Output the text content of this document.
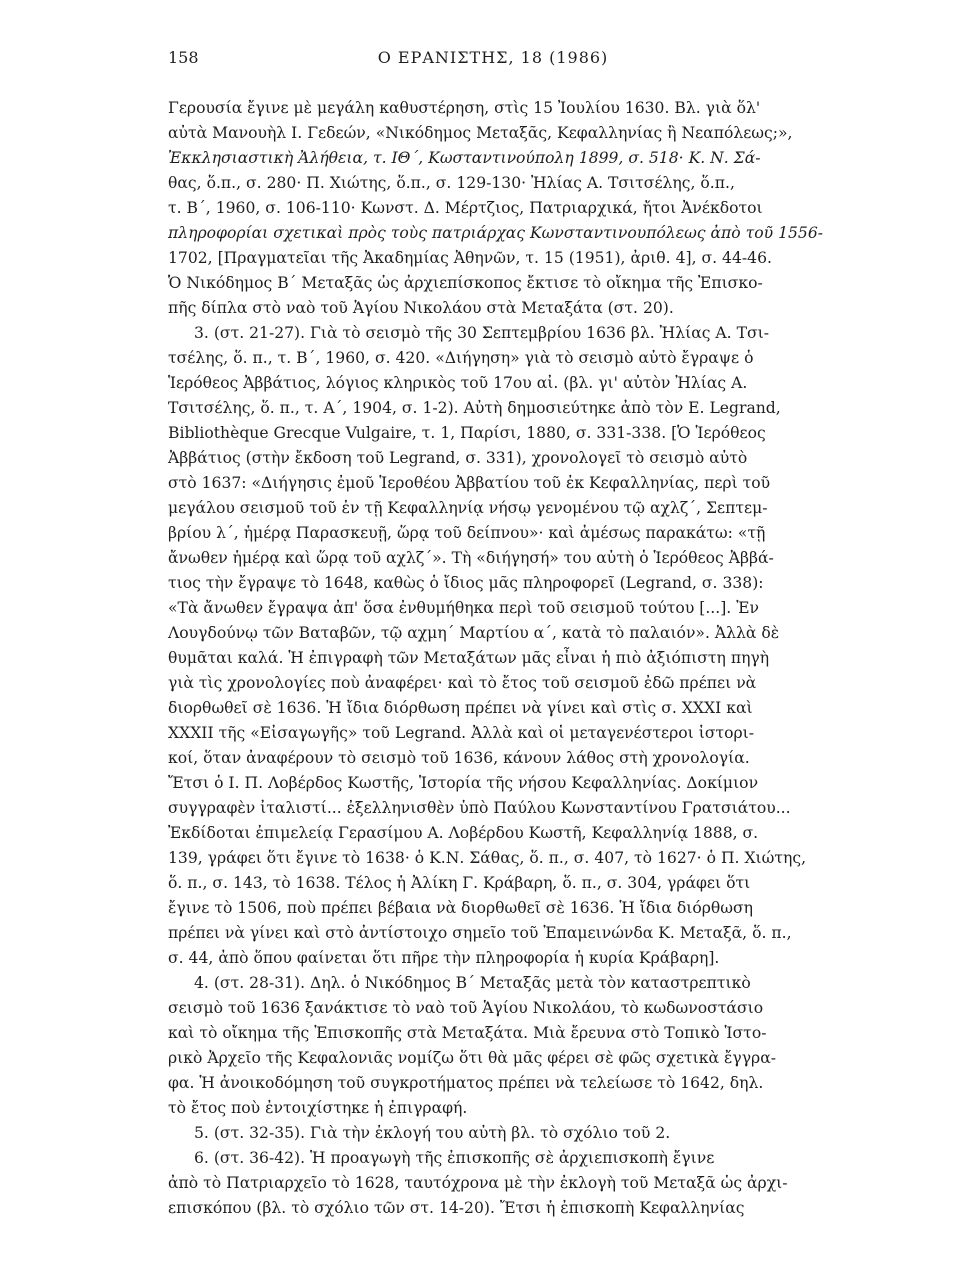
158	Ο ΕΡΑΝΙΣΤΗΣ, 18 (1986)
Γερουσία ἔγινε μὲ μεγάλη καθυστέρηση, στὶς 15 Ἰουλίου 1630. Βλ. γιὰ ὅλ'
αὐτὰ Μανουὴλ Ι. Γεδεών, «Νικόδημος Μεταξᾶς, Κεφαλληνίας ἢ Νεαπόλεως;»,
Ἐκκλησιαστικὴ Ἀλήθεια, τ. ΙΘ΄, Κωσταντινούπολη 1899, σ. 518· Κ. Ν. Σά-
θας, ὅ.π., σ. 280· Π. Χιώτης, ὅ.π., σ. 129-130· Ἠλίας Α. Τσιτσέλης, ὅ.π.,
τ. Β΄, 1960, σ. 106-110· Κωνστ. Δ. Μέρτζιος, Πατριαρχικά, ἤτοι Ἀνέκδοτοι
πληροφορίαι σχετικαὶ πρὸς τοὺς πατριάρχας Κωνσταντινουπόλεως ἀπὸ τοῦ 1556-
1702, [Πραγματεῖαι τῆς Ἀκαδημίας Ἀθηνῶν, τ. 15 (1951), ἀριθ. 4], σ. 44-46.
Ὁ Νικόδημος Β΄ Μεταξᾶς ὡς ἀρχιεπίσκοπος ἔκτισε τὸ οἴκημα τῆς Ἐπισκο-
πῆς δίπλα στὸ ναὸ τοῦ Ἁγίου Νικολάου στὰ Μεταξάτα (στ. 20).
3. (στ. 21-27). Γιὰ τὸ σεισμὸ τῆς 30 Σεπτεμβρίου 1636 βλ. Ἠλίας Α. Τσι-
τσέλης, ὅ. π., τ. Β΄, 1960, σ. 420. «Διήγηση» γιὰ τὸ σεισμὸ αὐτὸ ἔγραψε ὁ
Ἱερόθεος Ἀββάτιος, λόγιος κληρικὸς τοῦ 17ου αἰ. (βλ. γι' αὐτὸν Ἠλίας Α.
Τσιτσέλης, ὅ. π., τ. Α΄, 1904, σ. 1-2). Αὐτὴ δημοσιεύτηκε ἀπὸ τὸν E. Legrand,
Bibliothèque Grecque Vulgaire, τ. 1, Παρίσι, 1880, σ. 331-338. [Ὁ Ἱερόθεος
Ἀββάτιος (στὴν ἔκδοση τοῦ Legrand, σ. 331), χρονολογεῖ τὸ σεισμὸ αὐτὸ
στὸ 1637: «Διήγησις ἐμοῦ Ἱεροθέου Ἀββατίου τοῦ ἐκ Κεφαλληνίας, περὶ τοῦ
μεγάλου σεισμοῦ τοῦ ἐν τῇ Κεφαλληνίᾳ νήσῳ γενομένου τῷ αχλζ΄, Σεπτεμ-
βρίου λ΄, ἡμέρᾳ Παρασκευῇ, ὥρᾳ τοῦ δείπνου»· καὶ ἀμέσως παρακάτω: «τῇ
ἄνωθεν ἡμέρᾳ καὶ ὥρᾳ τοῦ αχλζ΄». Τὴ «διήγησή» του αὐτὴ ὁ Ἱερόθεος Ἀββά-
τιος τὴν ἔγραψε τὸ 1648, καθὼς ὁ ἴδιος μᾶς πληροφορεῖ (Legrand, σ. 338):
«Τὰ ἄνωθεν ἔγραψα ἀπ' ὅσα ἐνθυμήθηκα περὶ τοῦ σεισμοῦ τούτου [...]. Ἐν
Λουγδούνῳ τῶν Βαταβῶν, τῷ αχμη΄ Μαρτίου α΄, κατὰ τὸ παλαιόν». Ἀλλὰ δὲ
θυμᾶται καλά. Ἡ ἐπιγραφὴ τῶν Μεταξάτων μᾶς εἶναι ἡ πιὸ ἀξιόπιστη πηγὴ
γιὰ τὶς χρονολογίες ποὺ ἀναφέρει· καὶ τὸ ἔτος τοῦ σεισμοῦ ἐδῶ πρέπει νὰ
διορθωθεῖ σὲ 1636. Ἡ ἴδια διόρθωση πρέπει νὰ γίνει καὶ στὶς σ. XXXI καὶ
XXXII τῆς «Εἰσαγωγῆς» τοῦ Legrand. Ἀλλὰ καὶ οἱ μεταγενέστεροι ἱστορι-
κοί, ὅταν ἀναφέρουν τὸ σεισμὸ τοῦ 1636, κάνουν λάθος στὴ χρονολογία.
Ἔτσι ὁ Ι. Π. Λοβέρδος Κωστῆς, Ἱστορία τῆς νήσου Κεφαλληνίας. Δοκίμιον
συγγραφὲν ἰταλιστί... ἐξελληνισθὲν ὑπὸ Παύλου Κωνσταντίνου Γρατσιάτου...
Ἐκδίδοται ἐπιμελείᾳ Γερασίμου Α. Λοβέρδου Κωστῆ, Κεφαλληνίᾳ 1888, σ.
139, γράφει ὅτι ἔγινε τὸ 1638· ὁ Κ.Ν. Σάθας, ὅ. π., σ. 407, τὸ 1627· ὁ Π. Χιώτης,
ὅ. π., σ. 143, τὸ 1638. Τέλος ἡ Ἀλίκη Γ. Κράβαρη, ὅ. π., σ. 304, γράφει ὅτι
ἔγινε τὸ 1506, ποὺ πρέπει βέβαια νὰ διορθωθεῖ σὲ 1636. Ἡ ἴδια διόρθωση
πρέπει νὰ γίνει καὶ στὸ ἀντίστοιχο σημεῖο τοῦ Ἐπαμεινώνδα Κ. Μεταξᾶ, ὅ. π.,
σ. 44, ἀπὸ ὅπου φαίνεται ὅτι πῆρε τὴν πληροφορία ἡ κυρία Κράβαρη].
4. (στ. 28-31). Δηλ. ὁ Νικόδημος Β΄ Μεταξᾶς μετὰ τὸν καταστρεπτικὸ
σεισμὸ τοῦ 1636 ξανάκτισε τὸ ναὸ τοῦ Ἁγίου Νικολάου, τὸ κωδωνοστάσιο
καὶ τὸ οἴκημα τῆς Ἐπισκοπῆς στὰ Μεταξάτα. Μιὰ ἔρευνα στὸ Τοπικὸ Ἱστο-
ρικὸ Ἀρχεῖο τῆς Κεφαλονιᾶς νομίζω ὅτι θὰ μᾶς φέρει σὲ φῶς σχετικὰ ἔγγρα-
φα. Ἡ ἀνοικοδόμηση τοῦ συγκροτήματος πρέπει νὰ τελείωσε τὸ 1642, δηλ.
τὸ ἔτος ποὺ ἐντοιχίστηκε ἡ ἐπιγραφή.
5. (στ. 32-35). Γιὰ τὴν ἐκλογή του αὐτὴ βλ. τὸ σχόλιο τοῦ 2.
6. (στ. 36-42). Ἡ προαγωγὴ τῆς ἐπισκοπῆς σὲ ἀρχιεπισκοπὴ ἔγινε
ἀπὸ τὸ Πατριαρχεῖο τὸ 1628, ταυτόχρονα μὲ τὴν ἐκλογὴ τοῦ Μεταξᾶ ὡς ἀρχι-
επισκόπου (βλ. τὸ σχόλιο τῶν στ. 14-20). Ἔτσι ἡ ἐπισκοπὴ Κεφαλληνίας
